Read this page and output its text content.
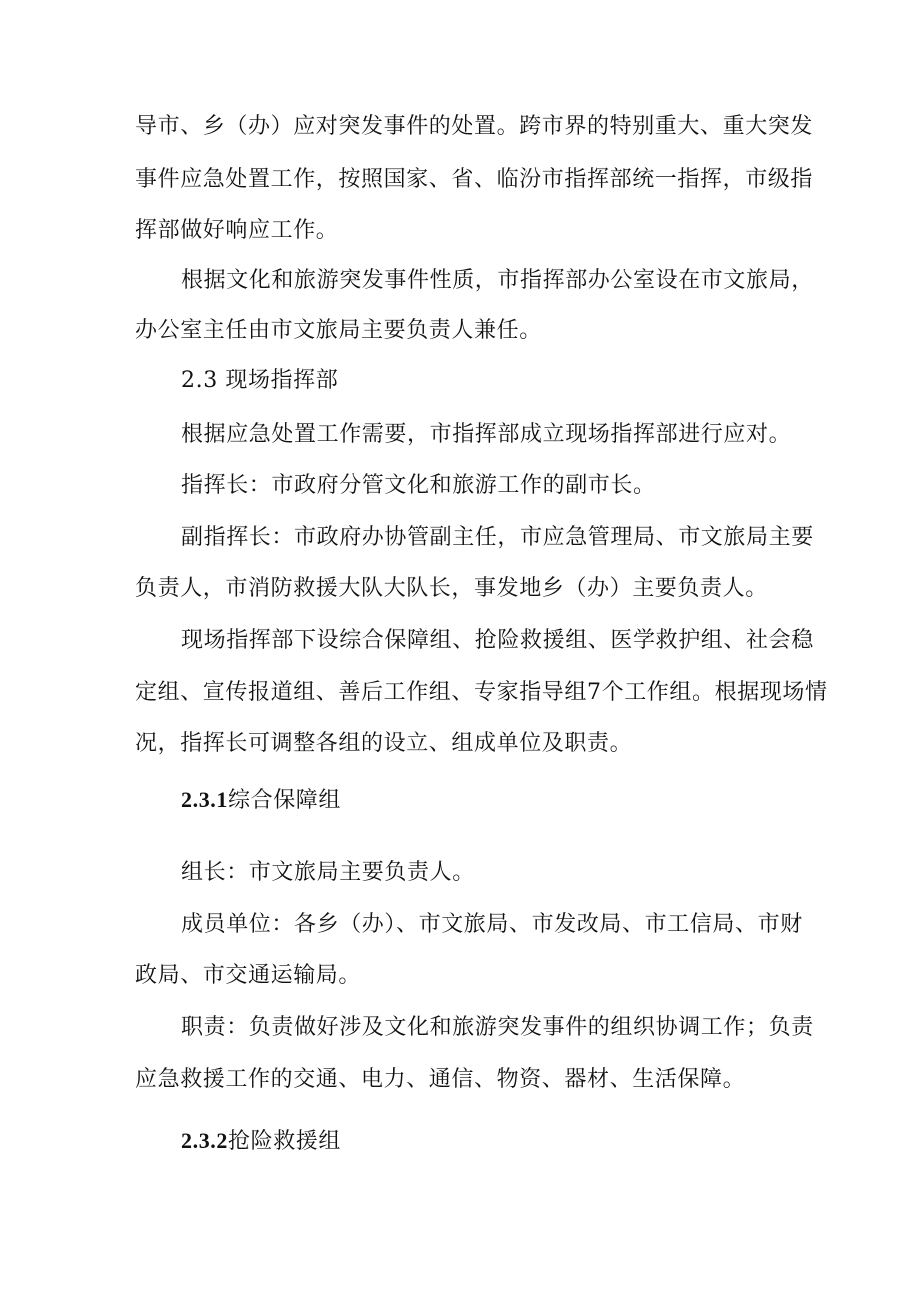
导市、乡（办）应对突发事件的处置。跨市界的特别重大、重大突发
事件应急处置工作，按照国家、省、临汾市指挥部统一指挥，市级指
挥部做好响应工作。
根据文化和旅游突发事件性质，市指挥部办公室设在市文旅局，
办公室主任由市文旅局主要负责人兼任。
2.3 现场指挥部
根据应急处置工作需要，市指挥部成立现场指挥部进行应对。
指挥长：市政府分管文化和旅游工作的副市长。
副指挥长：市政府办协管副主任，市应急管理局、市文旅局主要
负责人，市消防救援大队大队长，事发地乡（办）主要负责人。
现场指挥部下设综合保障组、抢险救援组、医学救护组、社会稳
定组、宣传报道组、善后工作组、专家指导组7个工作组。根据现场情
况，指挥长可调整各组的设立、组成单位及职责。
2.3.1综合保障组
组长：市文旅局主要负责人。
成员单位：各乡（办）、市文旅局、市发改局、市工信局、市财
政局、市交通运输局。
职责：负责做好涉及文化和旅游突发事件的组织协调工作；负责
应急救援工作的交通、电力、通信、物资、器材、生活保障。
2.3.2抢险救援组
